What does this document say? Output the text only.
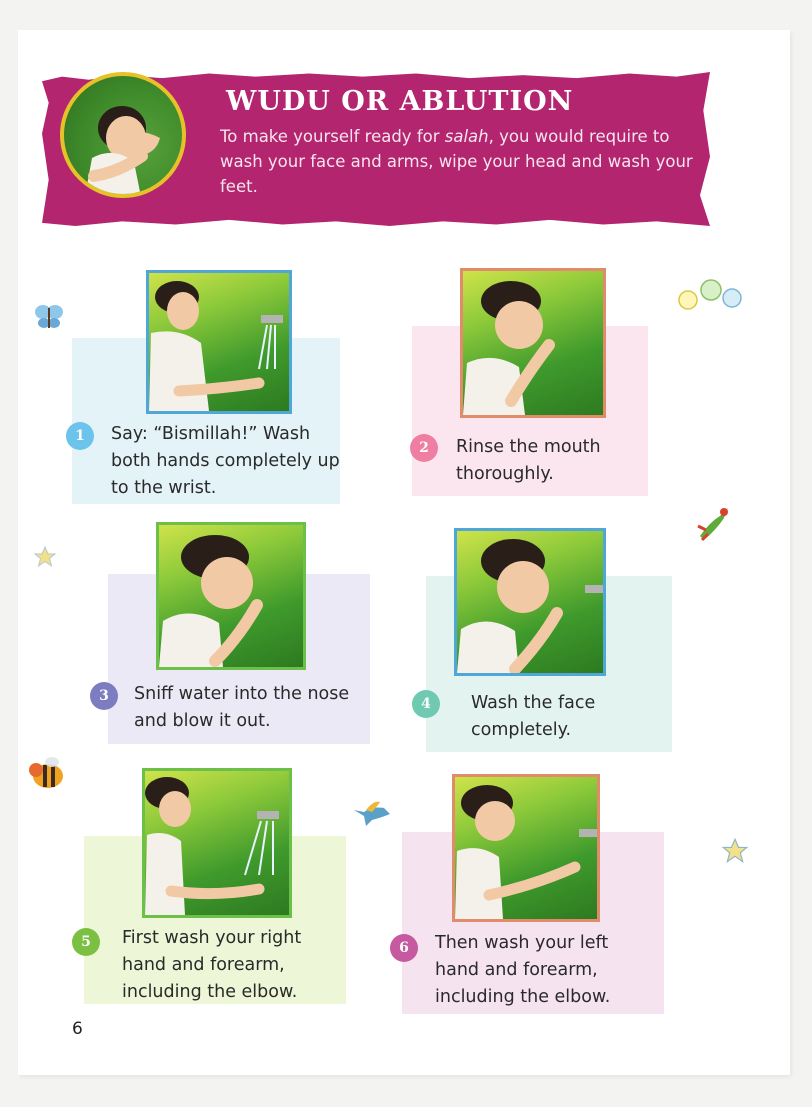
WUDU OR ABLUTION
To make yourself ready for salah, you would require to wash your face and arms, wipe your head and wash your feet.
1	Say: “Bismillah!” Wash both hands completely up to the wrist.
2	Rinse the mouth thoroughly.
3	Sniff water into the nose and blow it out.
4	Wash the face completely.
5	First wash your right hand and forearm, including the elbow.
6	Then wash your left hand and forearm, including the elbow.
6
